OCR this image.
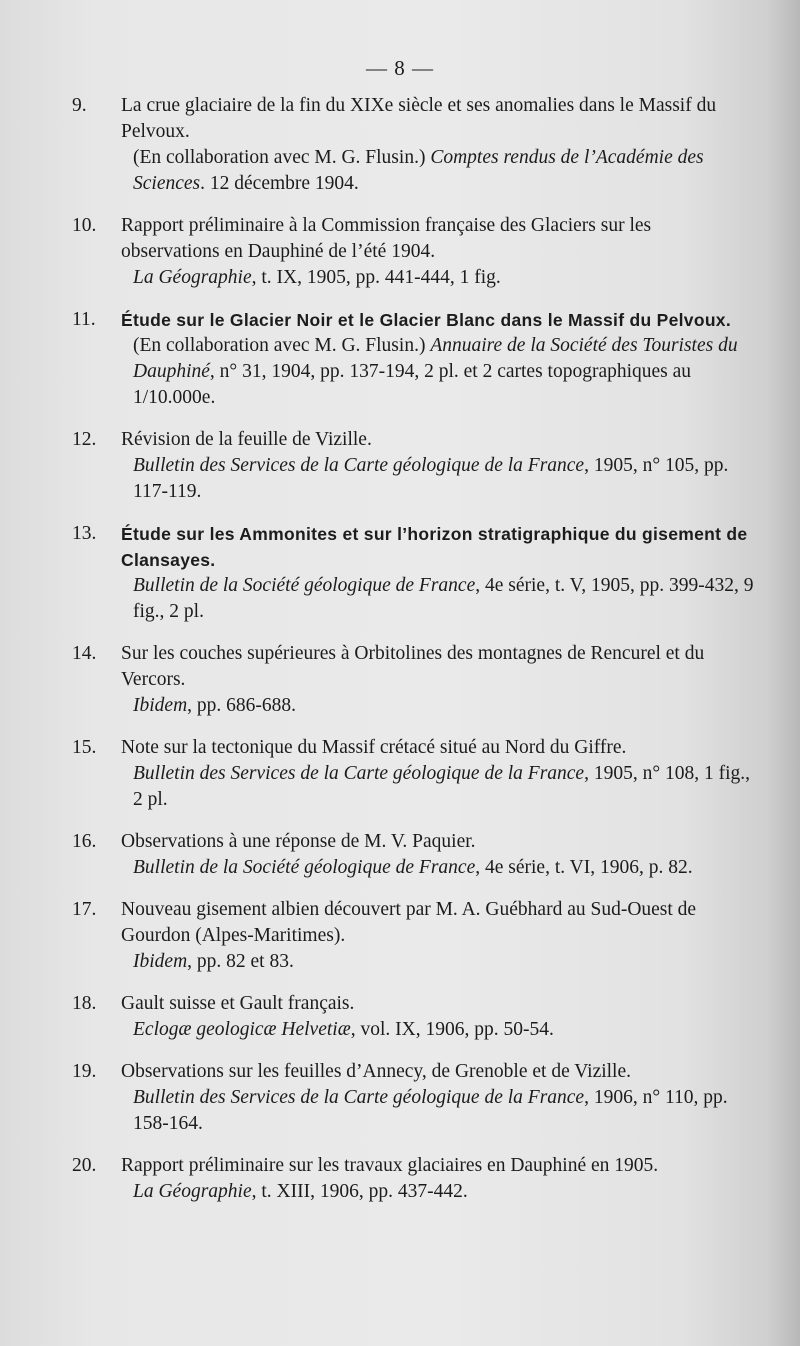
— 8 —
9.	La crue glaciaire de la fin du XIXe siècle et ses anomalies dans le Massif du Pelvoux.
(En collaboration avec M. G. Flusin.) Comptes rendus de l’Académie des Sciences. 12 décembre 1904.
10.	Rapport préliminaire à la Commission française des Glaciers sur les observations en Dauphiné de l’été 1904.
La Géographie, t. IX, 1905, pp. 441-444, 1 fig.
11.	Étude sur le Glacier Noir et le Glacier Blanc dans le Massif du Pelvoux.
(En collaboration avec M. G. Flusin.) Annuaire de la Société des Touristes du Dauphiné, n° 31, 1904, pp. 137-194, 2 pl. et 2 cartes topographiques au 1/10.000e.
12.	Révision de la feuille de Vizille.
Bulletin des Services de la Carte géologique de la France, 1905, n° 105, pp. 117-119.
13.	Étude sur les Ammonites et sur l’horizon stratigraphique du gisement de Clansayes.
Bulletin de la Société géologique de France, 4e série, t. V, 1905, pp. 399-432, 9 fig., 2 pl.
14.	Sur les couches supérieures à Orbitolines des montagnes de Rencurel et du Vercors.
Ibidem, pp. 686-688.
15.	Note sur la tectonique du Massif crétacé situé au Nord du Giffre.
Bulletin des Services de la Carte géologique de la France, 1905, n° 108, 1 fig., 2 pl.
16.	Observations à une réponse de M. V. Paquier.
Bulletin de la Société géologique de France, 4e série, t. VI, 1906, p. 82.
17.	Nouveau gisement albien découvert par M. A. Guébhard au Sud-Ouest de Gourdon (Alpes-Maritimes).
Ibidem, pp. 82 et 83.
18.	Gault suisse et Gault français.
Eclogæ geologicæ Helvetiæ, vol. IX, 1906, pp. 50-54.
19.	Observations sur les feuilles d’Annecy, de Grenoble et de Vizille.
Bulletin des Services de la Carte géologique de la France, 1906, n° 110, pp. 158-164.
20.	Rapport préliminaire sur les travaux glaciaires en Dauphiné en 1905.
La Géographie, t. XIII, 1906, pp. 437-442.
